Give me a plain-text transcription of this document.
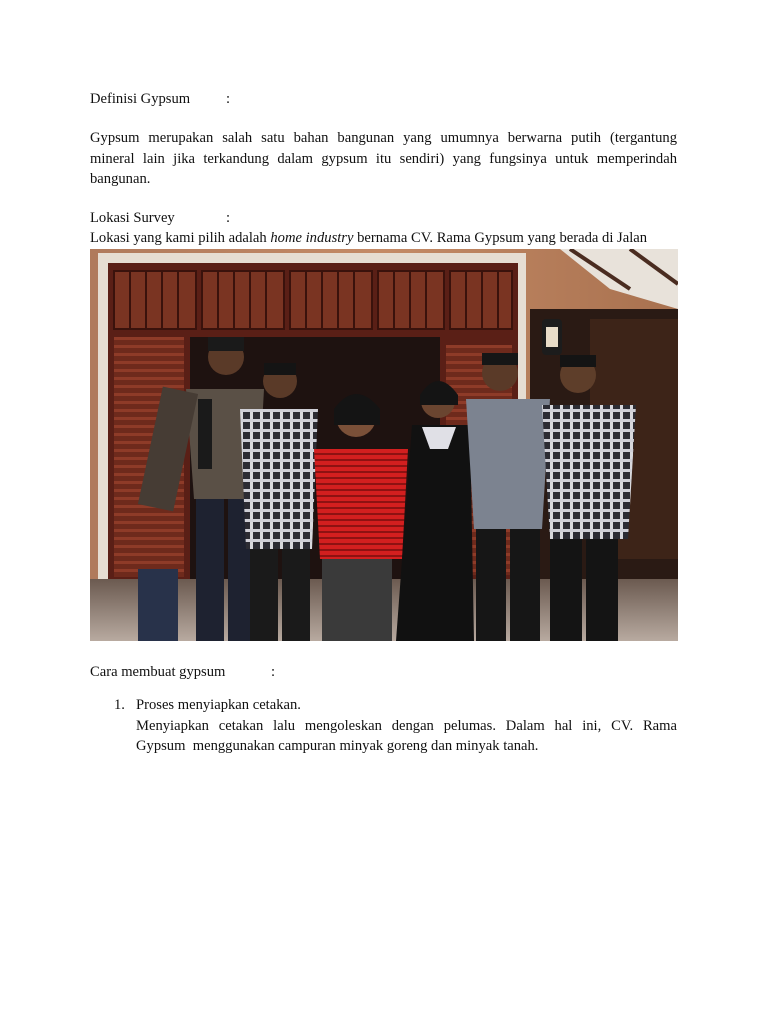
Definisi Gypsum :
Gypsum merupakan salah satu bahan bangunan yang umumnya berwarna putih (tergantung
mineral lain jika terkandung dalam gypsum itu sendiri) yang fungsinya untuk memperindah
bangunan.
Lokasi Survey	:
Lokasi yang kami pilih adalah home industry bernama CV. Rama Gypsum yang berada di Jalan
Cara membuat gypsum	:
1. Proses menyiapkan cetakan.
Menyiapkan cetakan lalu mengoleskan dengan pelumas. Dalam hal ini, CV. Rama
Gypsum  menggunakan campuran minyak goreng dan minyak tanah.
